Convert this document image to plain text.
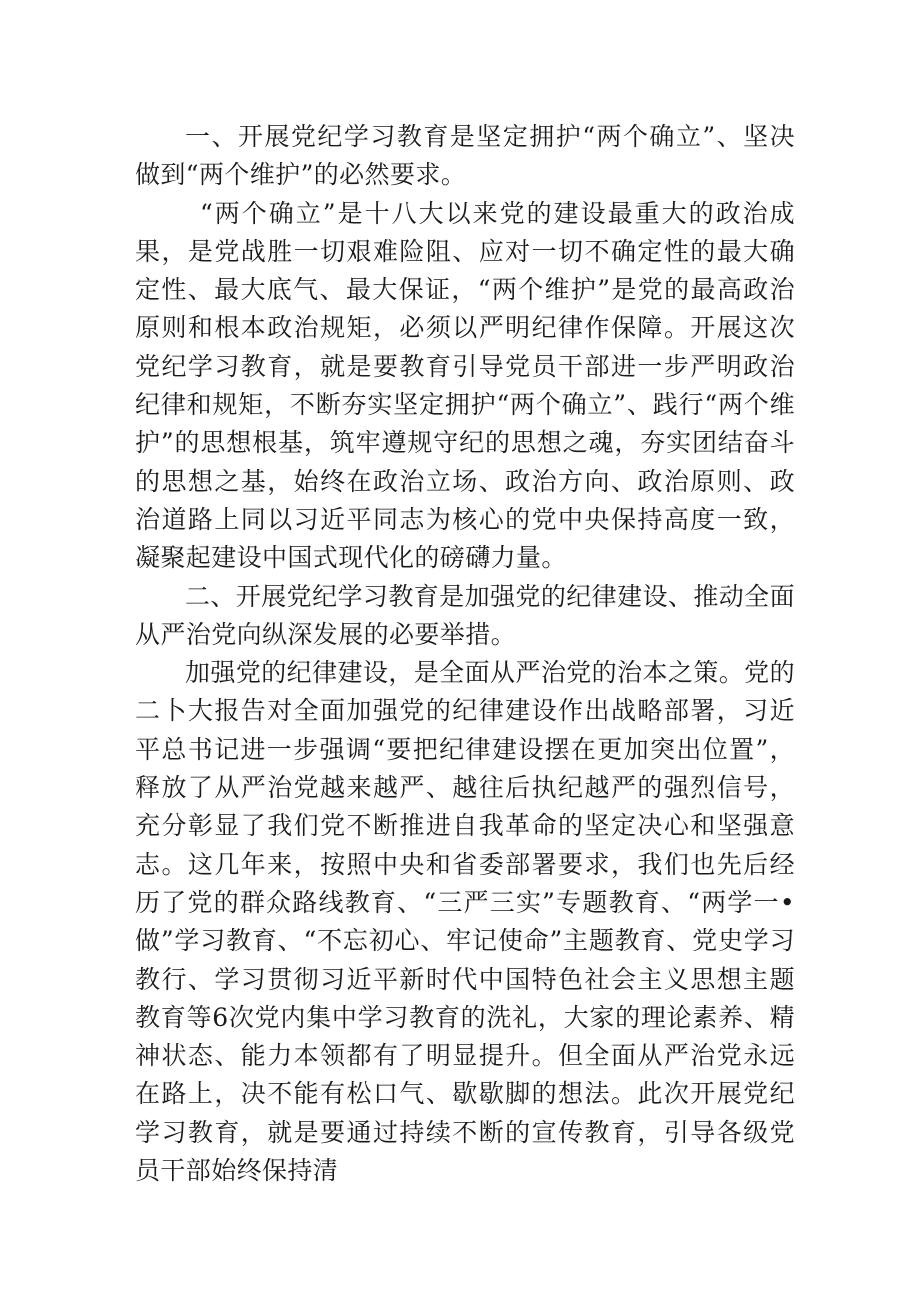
一、开展党纪学习教育是坚定拥护“两个确立”、坚决做到“两个维护”的必然要求。

“两个确立”是十八大以来党的建设最重大的政治成果，是党战胜一切艰难险阻、应对一切不确定性的最大确定性、最大底气、最大保证，“两个维护”是党的最高政治原则和根本政治规矩，必须以严明纪律作保障。开展这次党纪学习教育，就是要教育引导党员干部进一步严明政治纪律和规矩，不断夯实坚定拥护“两个确立”、践行“两个维护”的思想根基，筑牢遵规守纪的思想之魂，夯实团结奋斗的思想之基，始终在政治立场、政治方向、政治原则、政治道路上同以习近平同志为核心的党中央保持高度一致，凝聚起建设中国式现代化的磅礴力量。

二、开展党纪学习教育是加强党的纪律建设、推动全面从严治党向纵深发展的必要举措。

加强党的纪律建设，是全面从严治党的治本之策。党的二卜大报告对全面加强党的纪律建设作出战略部署，习近平总书记进一步强调“要把纪律建设摆在更加突出位置”，释放了从严治党越来越严、越往后执纪越严的强烈信号，充分彰显了我们党不断推进自我革命的坚定决心和坚强意志。这几年来，按照中央和省委部署要求，我们也先后经历了党的群众路线教育、“三严三实”专题教育、“两学一•做”学习教育、“不忘初心、牢记使命”主题教育、党史学习教行、学习贯彻习近平新时代中国特色社会主义思想主题教育等6次党内集中学习教育的洗礼，大家的理论素养、精神状态、能力本领都有了明显提升。但全面从严治党永远在路上，决不能有松口气、歇歇脚的想法。此次开展党纪学习教育，就是要通过持续不断的宣传教育，引导各级党员干部始终保持清
